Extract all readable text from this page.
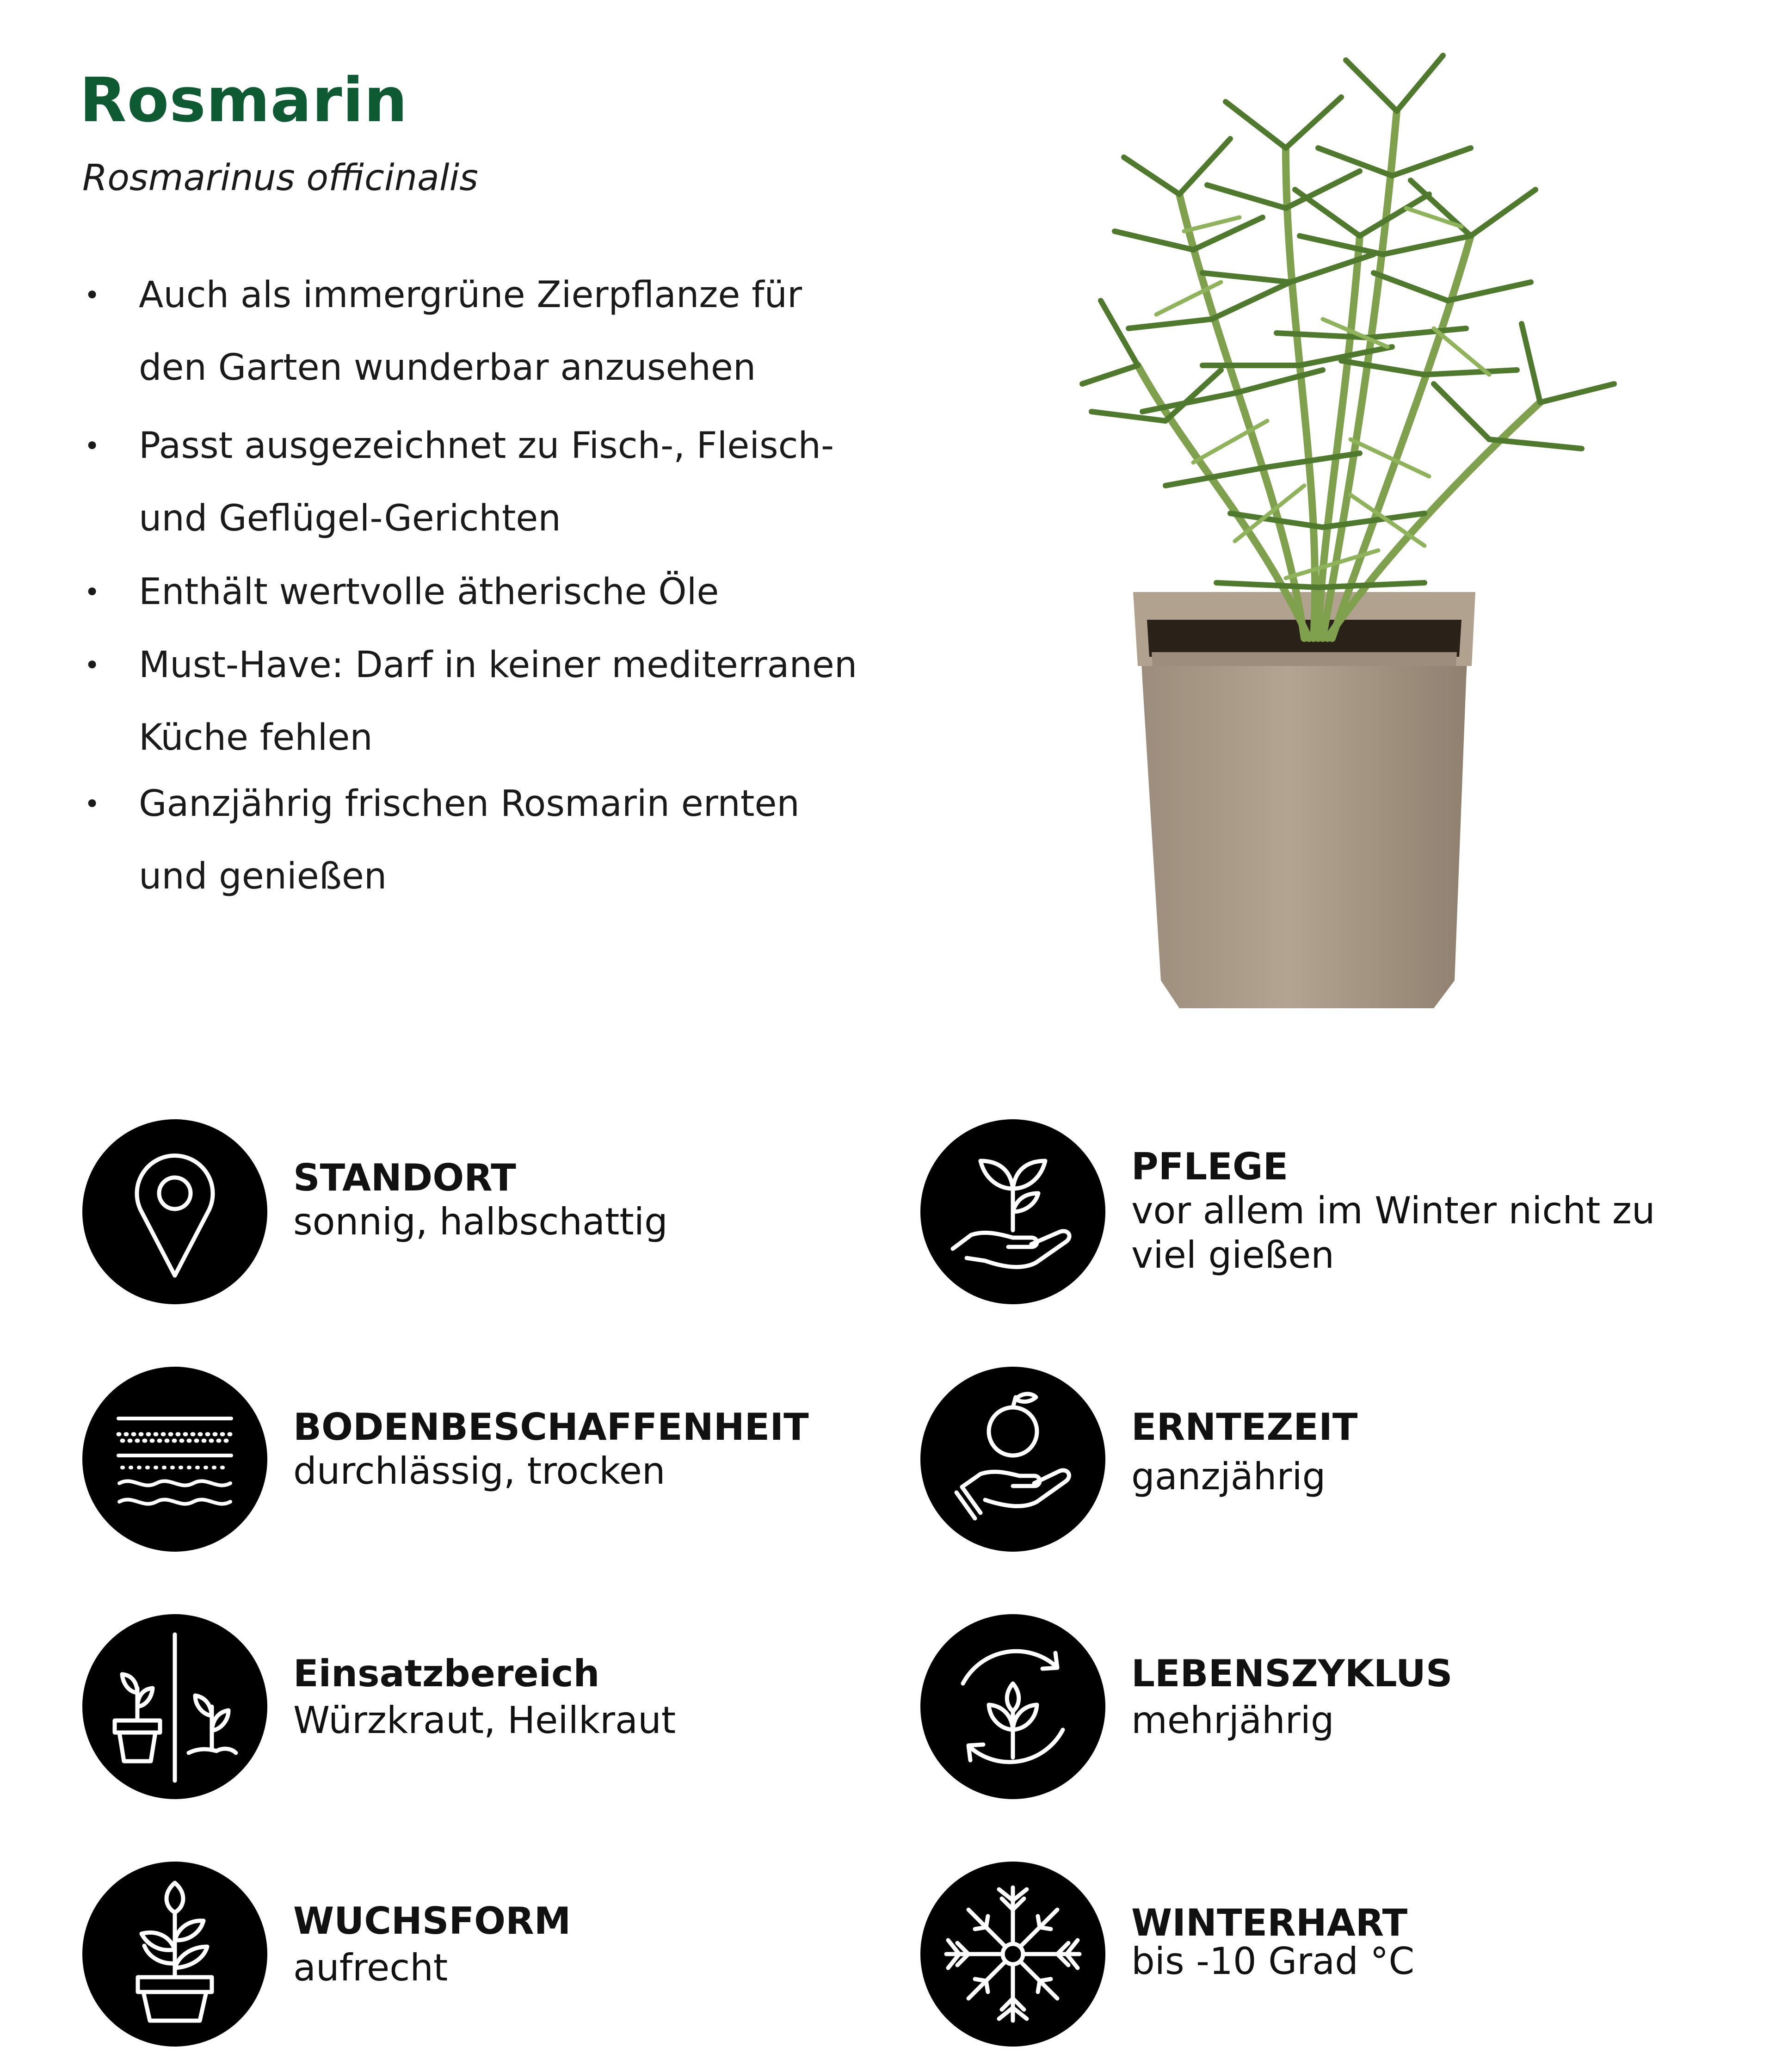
Rosmarin

Rosmarinus officinalis

• Auch als immergrüne Zierpflanze für den Garten wunderbar anzusehen
• Passt ausgezeichnet zu Fisch-, Fleisch- und Geflügel-Gerichten
• Enthält wertvolle ätherische Öle
• Must-Have: Darf in keiner mediterranen Küche fehlen
• Ganzjährig frischen Rosmarin ernten und genießen
STANDORT
sonnig, halbschattig
PFLEGE
vor allem im Winter nicht zu viel gießen
BODENBESCHAFFENHEIT
durchlässig, trocken
ERNTEZEIT
ganzjährig
Einsatzbereich
Würzkraut, Heilkraut
LEBENSZYKLUS
mehrjährig
WUCHSFORM
aufrecht
WINTERHART
bis -10 Grad °C
